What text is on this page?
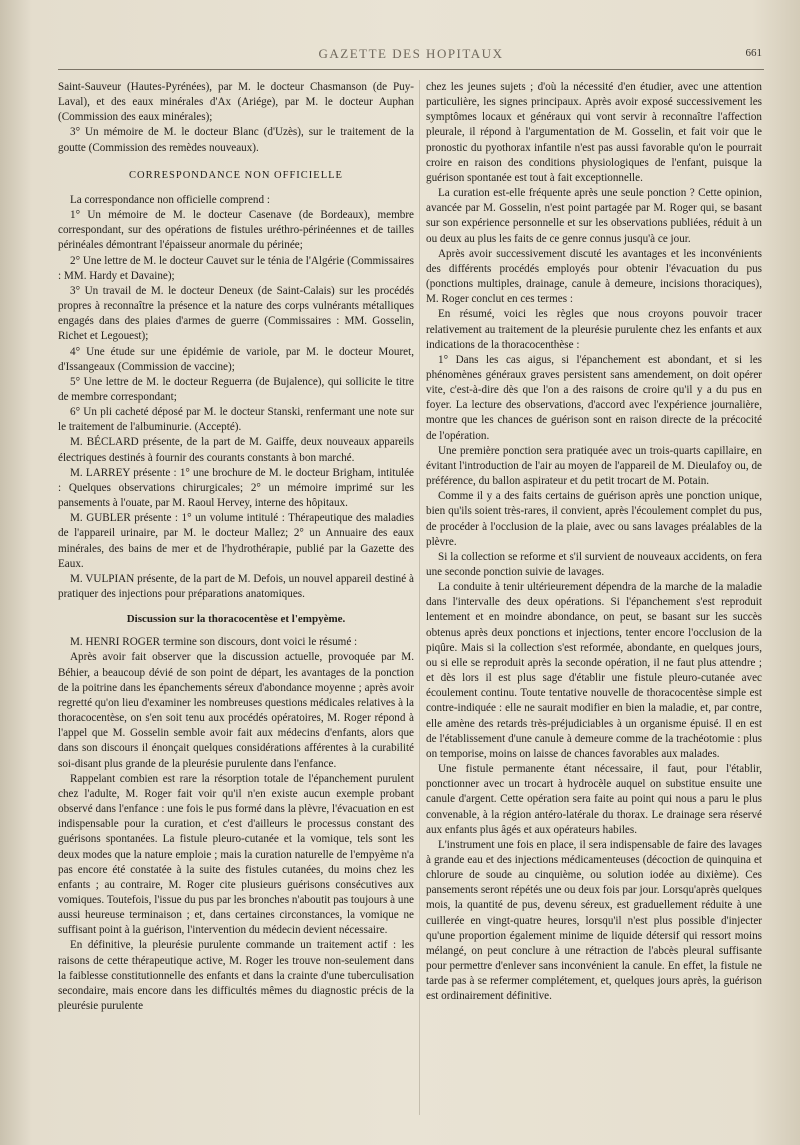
GAZETTE DES HOPITAUX	661

Saint-Sauveur (Hautes-Pyrénées), par M. le docteur Chasmanson (de Puy-Laval), et des eaux minérales d'Ax (Ariége), par M. le docteur Auphan (Commission des eaux minérales);

3° Un mémoire de M. le docteur Blanc (d'Uzès), sur le traitement de la goutte (Commission des remèdes nouveaux).

CORRESPONDANCE NON OFFICIELLE

La correspondance non officielle comprend :

1° Un mémoire de M. le docteur Casenave (de Bordeaux), membre correspondant, sur des opérations de fistules uréthro-périnéennes et de tailles périnéales démontrant l'épaisseur anormale du périnée;

2° Une lettre de M. le docteur Cauvet sur le ténia de l'Algérie (Commissaires : MM. Hardy et Davaine);

3° Un travail de M. le docteur Deneux (de Saint-Calais) sur les procédés propres à reconnaître la présence et la nature des corps vulnérants métalliques engagés dans des plaies d'armes de guerre (Commissaires : MM. Gosselin, Richet et Legouest);

4° Une étude sur une épidémie de variole, par M. le docteur Mouret, d'Issangeaux (Commission de vaccine);

5° Une lettre de M. le docteur Reguerra (de Bujalence), qui sollicite le titre de membre correspondant;

6° Un pli cacheté déposé par M. le docteur Stanski, renfermant une note sur le traitement de l'albuminurie. (Accepté).

M. BÉCLARD présente, de la part de M. Gaiffe, deux nouveaux appareils électriques destinés à fournir des courants constants à bon marché.

M. LARREY présente : 1° une brochure de M. le docteur Brigham, intitulée : Quelques observations chirurgicales; 2° un mémoire imprimé sur les pansements à l'ouate, par M. Raoul Hervey, interne des hôpitaux.

M. GUBLER présente : 1° un volume intitulé : Thérapeutique des maladies de l'appareil urinaire, par M. le docteur Mallez; 2° un Annuaire des eaux minérales, des bains de mer et de l'hydrothérapie, publié par la Gazette des Eaux.

M. VULPIAN présente, de la part de M. Defois, un nouvel appareil destiné à pratiquer des injections pour préparations anatomiques.

Discussion sur la thoracocentèse et l'empyème.

M. HENRI ROGER termine son discours, dont voici le résumé :

Après avoir fait observer que la discussion actuelle, provoquée par M. Béhier, a beaucoup dévié de son point de départ, les avantages de la ponction de la poitrine dans les épanchements séreux d'abondance moyenne ; après avoir regretté qu'on lieu d'examiner les nombreuses questions médicales relatives à la thoracocentèse, on s'en soit tenu aux procédés opératoires, M. Roger répond à l'appel que M. Gosselin semble avoir fait aux médecins d'enfants, alors que dans son discours il énonçait quelques considérations afférentes à la curabilité soi-disant plus grande de la pleurésie purulente dans l'enfance.

Rappelant combien est rare la résorption totale de l'épanchement purulent chez l'adulte, M. Roger fait voir qu'il n'en existe aucun exemple probant observé dans l'enfance : une fois le pus formé dans la plèvre, l'évacuation en est indispensable pour la curation, et c'est d'ailleurs le processus constant des guérisons spontanées. La fistule pleuro-cutanée et la vomique, tels sont les deux modes que la nature emploie ; mais la curation naturelle de l'empyème n'a pas encore été constatée à la suite des fistules cutanées, du moins chez les enfants ; au contraire, M. Roger cite plusieurs guérisons consécutives aux vomiques. Toutefois, l'issue du pus par les bronches n'aboutit pas toujours à une aussi heureuse terminaison ; et, dans certaines circonstances, la vomique ne suffisant point à la guérison, l'intervention du médecin devient nécessaire.

En définitive, la pleurésie purulente commande un traitement actif : les raisons de cette thérapeutique active, M. Roger les trouve non-seulement dans la faiblesse constitutionnelle des enfants et dans la crainte d'une tuberculisation secondaire, mais encore dans les difficultés mêmes du diagnostic précis de la pleurésie purulente

chez les jeunes sujets ; d'où la nécessité d'en étudier, avec une attention particulière, les signes principaux. Après avoir exposé successivement les symptômes locaux et généraux qui vont servir à reconnaître l'affection pleurale, il répond à l'argumentation de M. Gosselin, et fait voir que le pronostic du pyothorax infantile n'est pas aussi favorable qu'on le pourrait croire en raison des conditions physiologiques de l'enfant, puisque la guérison spontanée est tout à fait exceptionnelle.

La curation est-elle fréquente après une seule ponction ? Cette opinion, avancée par M. Gosselin, n'est point partagée par M. Roger qui, se basant sur son expérience personnelle et sur les observations publiées, réduit à un ou deux au plus les faits de ce genre connus jusqu'à ce jour.

Après avoir successivement discuté les avantages et les inconvénients des différents procédés employés pour obtenir l'évacuation du pus (ponctions multiples, drainage, canule à demeure, incisions thoraciques), M. Roger conclut en ces termes :

En résumé, voici les règles que nous croyons pouvoir tracer relativement au traitement de la pleurésie purulente chez les enfants et aux indications de la thoracocenthèse :

1° Dans les cas aigus, si l'épanchement est abondant, et si les phénomènes généraux graves persistent sans amendement, on doit opérer vite, c'est-à-dire dès que l'on a des raisons de croire qu'il y a du pus en foyer. La lecture des observations, d'accord avec l'expérience journalière, montre que les chances de guérison sont en raison directe de la précocité de l'opération.

Une première ponction sera pratiquée avec un trois-quarts capillaire, en évitant l'introduction de l'air au moyen de l'appareil de M. Dieulafoy ou, de préférence, du ballon aspirateur et du petit trocart de M. Potain.

Comme il y a des faits certains de guérison après une ponction unique, bien qu'ils soient très-rares, il convient, après l'écoulement complet du pus, de procéder à l'occlusion de la plaie, avec ou sans lavages préalables de la plèvre.

Si la collection se reforme et s'il survient de nouveaux accidents, on fera une seconde ponction suivie de lavages.

La conduite à tenir ultérieurement dépendra de la marche de la maladie dans l'intervalle des deux opérations. Si l'épanchement s'est reproduit lentement et en moindre abondance, on peut, se basant sur les succès obtenus après deux ponctions et injections, tenter encore l'occlusion de la piqûre. Mais si la collection s'est reformée, abondante, en quelques jours, ou si elle se reproduit après la seconde opération, il ne faut plus attendre ; et dès lors il est plus sage d'établir une fistule pleuro-cutanée avec écoulement continu. Toute tentative nouvelle de thoracocentèse simple est contre-indiquée : elle ne saurait modifier en bien la maladie, et, par contre, elle amène des retards très-préjudiciables à un organisme épuisé. Il en est de l'établissement d'une canule à demeure comme de la trachéotomie : plus on temporise, moins on laisse de chances favorables aux malades.

Une fistule permanente étant nécessaire, il faut, pour l'établir, ponctionner avec un trocart à hydrocèle auquel on substitue ensuite une canule d'argent. Cette opération sera faite au point qui nous a paru le plus convenable, à la région antéro-latérale du thorax. Le drainage sera réservé aux enfants plus âgés et aux opérateurs habiles.

L'instrument une fois en place, il sera indispensable de faire des lavages à grande eau et des injections médicamenteuses (décoction de quinquina et chlorure de soude au cinquième, ou solution iodée au dixième). Ces pansements seront répétés une ou deux fois par jour. Lorsqu'après quelques mois, la quantité de pus, devenu séreux, est graduellement réduite à une cuillerée en vingt-quatre heures, lorsqu'il n'est plus possible d'injecter qu'une proportion également minime de liquide détersif qui ressort moins mélangé, on peut conclure à une rétraction de l'abcès pleural suffisante pour permettre d'enlever sans inconvénient la canule. En effet, la fistule ne tarde pas à se refermer complétement, et, quelques jours après, la guérison est ordinairement définitive.
